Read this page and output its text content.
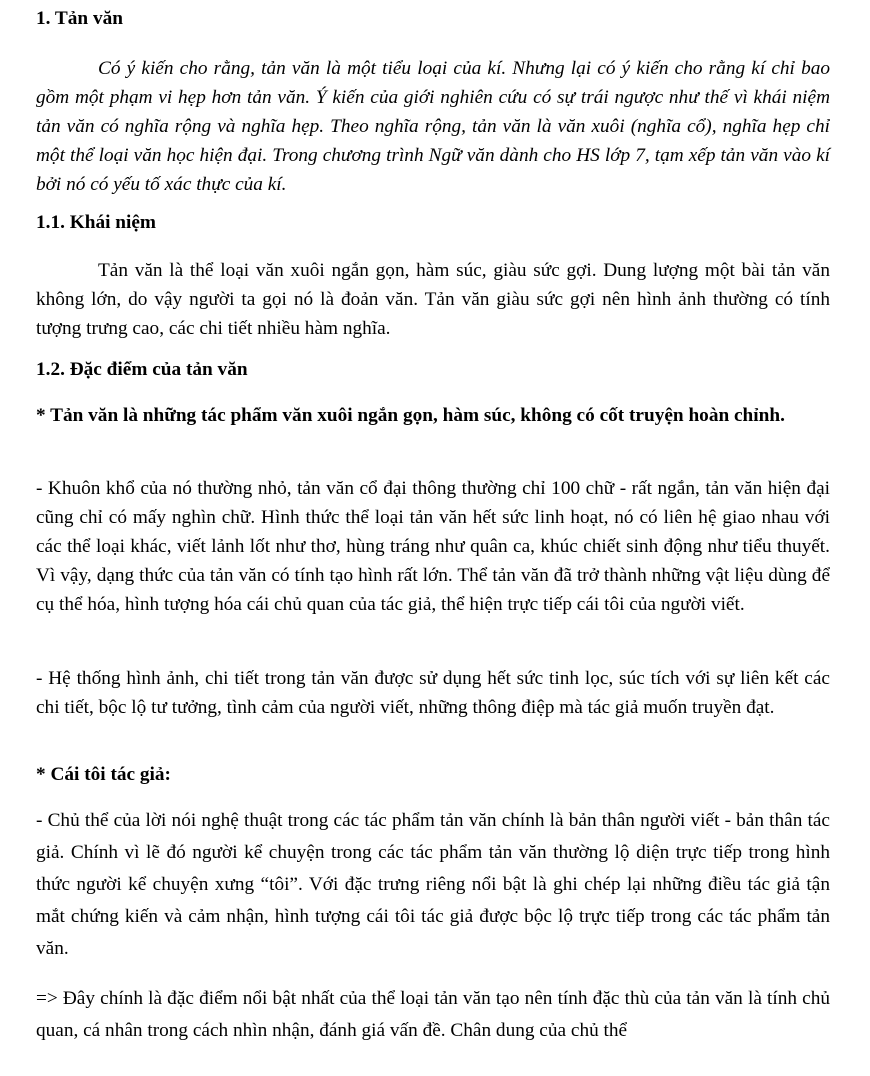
1. Tản văn

Có ý kiến cho rằng, tản văn là một tiểu loại của kí. Nhưng lại có ý kiến cho rằng kí chỉ bao gồm một phạm vi hẹp hơn tản văn. Ý kiến của giới nghiên cứu có sự trái ngược như thế vì khái niệm tản văn có nghĩa rộng và nghĩa hẹp. Theo nghĩa rộng, tản văn là văn xuôi (nghĩa cổ), nghĩa hẹp chỉ một thể loại văn học hiện đại. Trong chương trình Ngữ văn dành cho HS lớp 7, tạm xếp tản văn vào kí bởi nó có yếu tố xác thực của kí.

1.1. Khái niệm

Tản văn là thể loại văn xuôi ngắn gọn, hàm súc, giàu sức gợi. Dung lượng một bài tản văn không lớn, do vậy người ta gọi nó là đoản văn. Tản văn giàu sức gợi nên hình ảnh thường có tính tượng trưng cao, các chi tiết nhiều hàm nghĩa.

1.2. Đặc điểm của tản văn

* Tản văn là những tác phẩm văn xuôi ngắn gọn, hàm súc, không có cốt truyện hoàn chỉnh.

- Khuôn khổ của nó thường nhỏ, tản văn cổ đại thông thường chỉ 100 chữ - rất ngắn, tản văn hiện đại cũng chỉ có mấy nghìn chữ. Hình thức thể loại tản văn hết sức linh hoạt, nó có liên hệ giao nhau với các thể loại khác, viết lảnh lốt như thơ, hùng tráng như quân ca, khúc chiết sinh động như tiểu thuyết. Vì vậy, dạng thức của tản văn có tính tạo hình rất lớn. Thể tản văn đã trở thành những vật liệu dùng để cụ thể hóa, hình tượng hóa cái chủ quan của tác giả, thể hiện trực tiếp cái tôi của người viết.

- Hệ thống hình ảnh, chi tiết trong tản văn được sử dụng hết sức tinh lọc, súc tích với sự liên kết các chi tiết, bộc lộ tư tưởng, tình cảm của người viết, những thông điệp mà tác giả muốn truyền đạt.

* Cái tôi tác giả:

- Chủ thể của lời nói nghệ thuật trong các tác phẩm tản văn chính là bản thân người viết - bản thân tác giả. Chính vì lẽ đó người kể chuyện trong các tác phẩm tản văn thường lộ diện trực tiếp trong hình thức người kể chuyện xưng “tôi”. Với đặc trưng riêng nổi bật là ghi chép lại những điều tác giả tận mắt chứng kiến và cảm nhận, hình tượng cái tôi tác giả được bộc lộ trực tiếp trong các tác phẩm tản văn.

=> Đây chính là đặc điểm nổi bật nhất của thể loại tản văn tạo nên tính đặc thù của tản văn là tính chủ quan, cá nhân trong cách nhìn nhận, đánh giá vấn đề. Chân dung của chủ thể
